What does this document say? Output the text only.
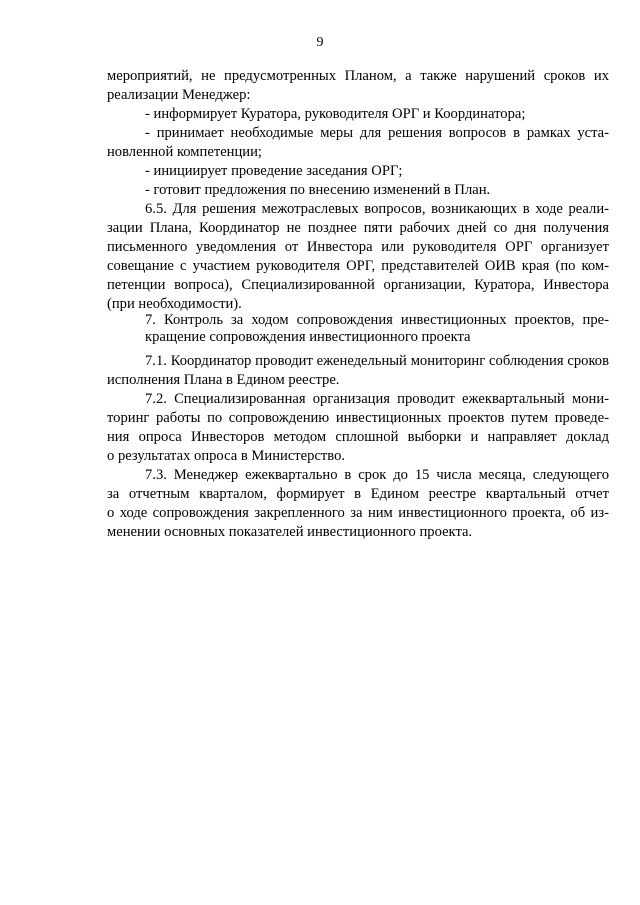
9
мероприятий, не предусмотренных Планом, а также нарушений сроков их
реализации Менеджер:
- информирует Куратора, руководителя ОРГ и Координатора;
- принимает необходимые меры для решения вопросов в рамках уста-
новленной компетенции;
- инициирует проведение заседания ОРГ;
- готовит предложения по внесению изменений в План.
6.5. Для решения межотраслевых вопросов, возникающих в ходе реали-
зации Плана, Координатор не позднее пяти рабочих дней со дня получения
письменного уведомления от Инвестора или руководителя ОРГ организует
совещание с участием руководителя ОРГ, представителей ОИВ края (по ком-
петенции вопроса), Специализированной организации, Куратора, Инвестора
(при необходимости).
7. Контроль за ходом сопровождения инвестиционных проектов, пре-
кращение сопровождения инвестиционного проекта
7.1. Координатор проводит еженедельный мониторинг соблюдения сроков
исполнения Плана в Едином реестре.
7.2. Специализированная организация проводит ежеквартальный мони-
торинг работы по сопровождению инвестиционных проектов путем проведе-
ния опроса Инвесторов методом сплошной выборки и направляет доклад
о результатах опроса в Министерство.
7.3. Менеджер ежеквартально в срок до 15 числа месяца, следующего
за отчетным кварталом, формирует в Едином реестре квартальный отчет
о ходе сопровождения закрепленного за ним инвестиционного проекта, об из-
менении основных показателей инвестиционного проекта.
